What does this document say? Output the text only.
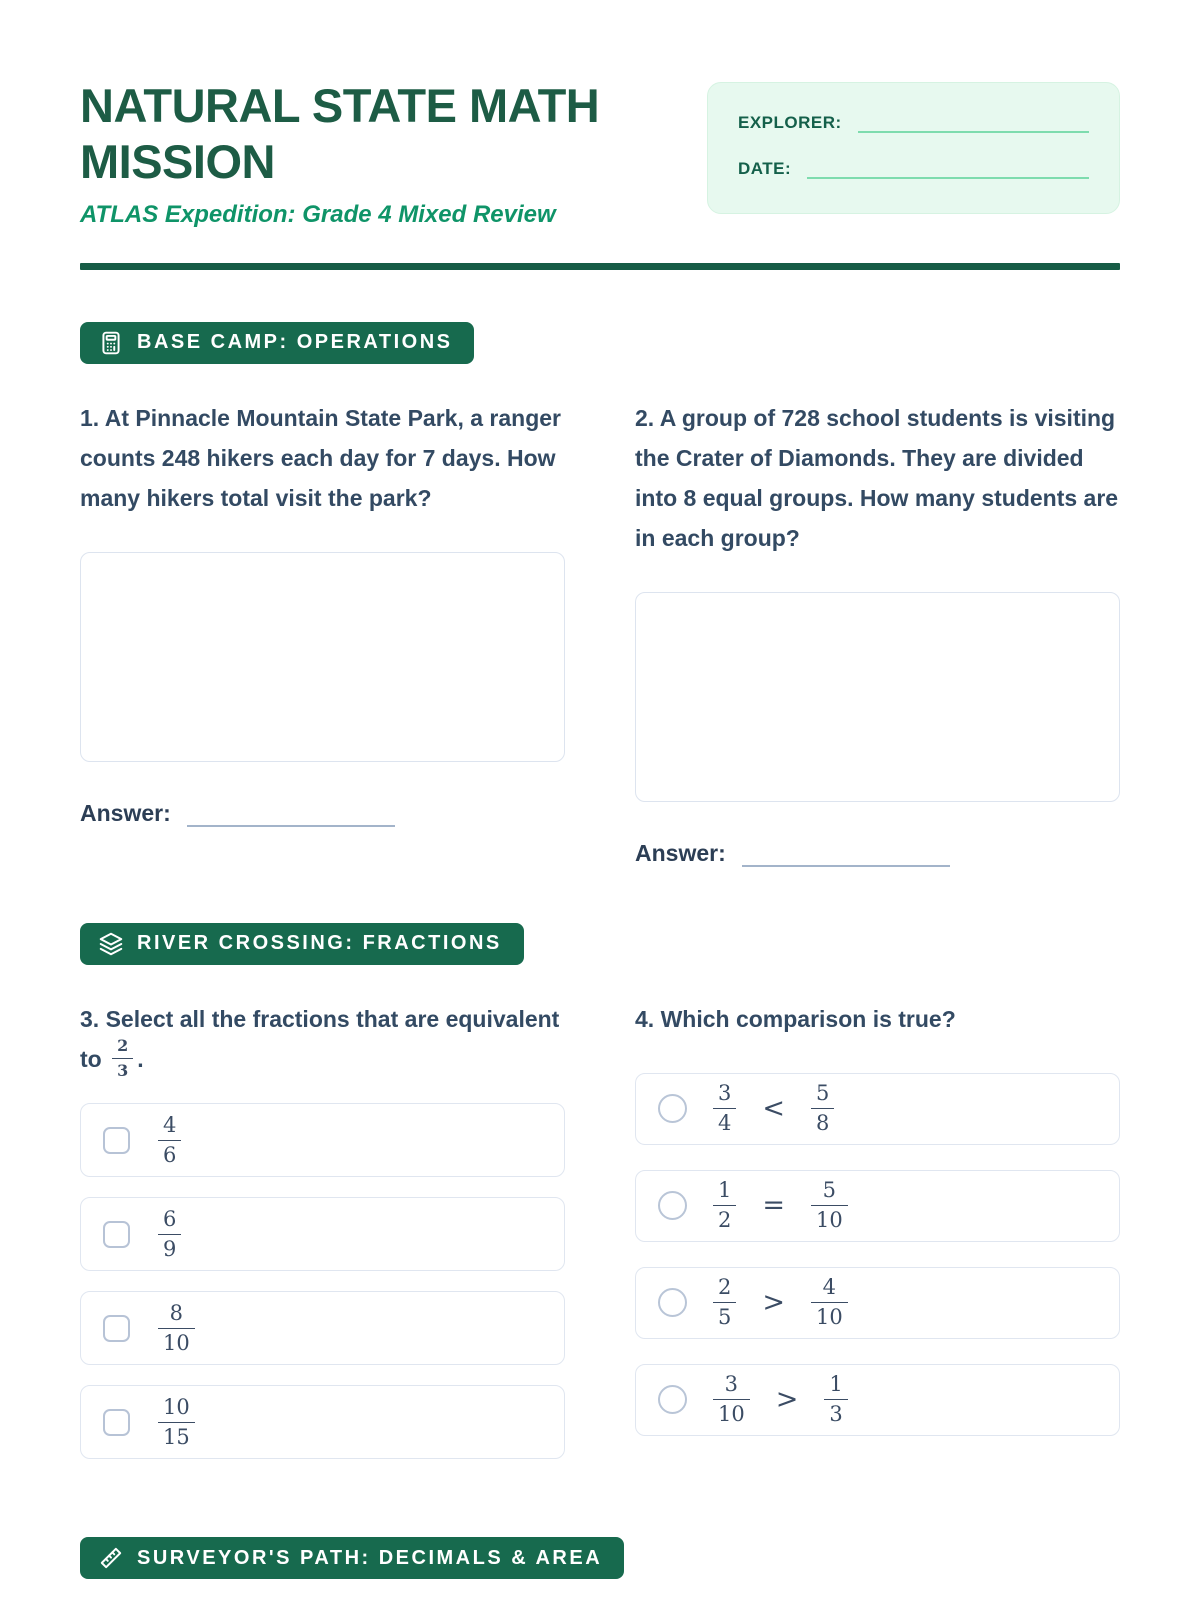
NATURAL STATE MATH MISSION
ATLAS Expedition: Grade 4 Mixed Review
EXPLORER:
DATE:
BASE CAMP: OPERATIONS
1. At Pinnacle Mountain State Park, a ranger counts 248 hikers each day for 7 days. How many hikers total visit the park?
Answer:
2. A group of 728 school students is visiting the Crater of Diamonds. They are divided into 8 equal groups. How many students are in each group?
Answer:
RIVER CROSSING: FRACTIONS
3. Select all the fractions that are equivalent to $\frac{2}{3}$ .
$\frac{4}{6}$
$\frac{6}{9}$
$\frac{8}{10}$
$\frac{10}{15}$
4. Which comparison is true?
$\frac{3}{4} < \frac{5}{8}$
$\frac{1}{2} = \frac{5}{10}$
$\frac{2}{5} > \frac{4}{10}$
$\frac{3}{10} > \frac{1}{3}$
SURVEYOR'S PATH: DECIMALS & AREA
